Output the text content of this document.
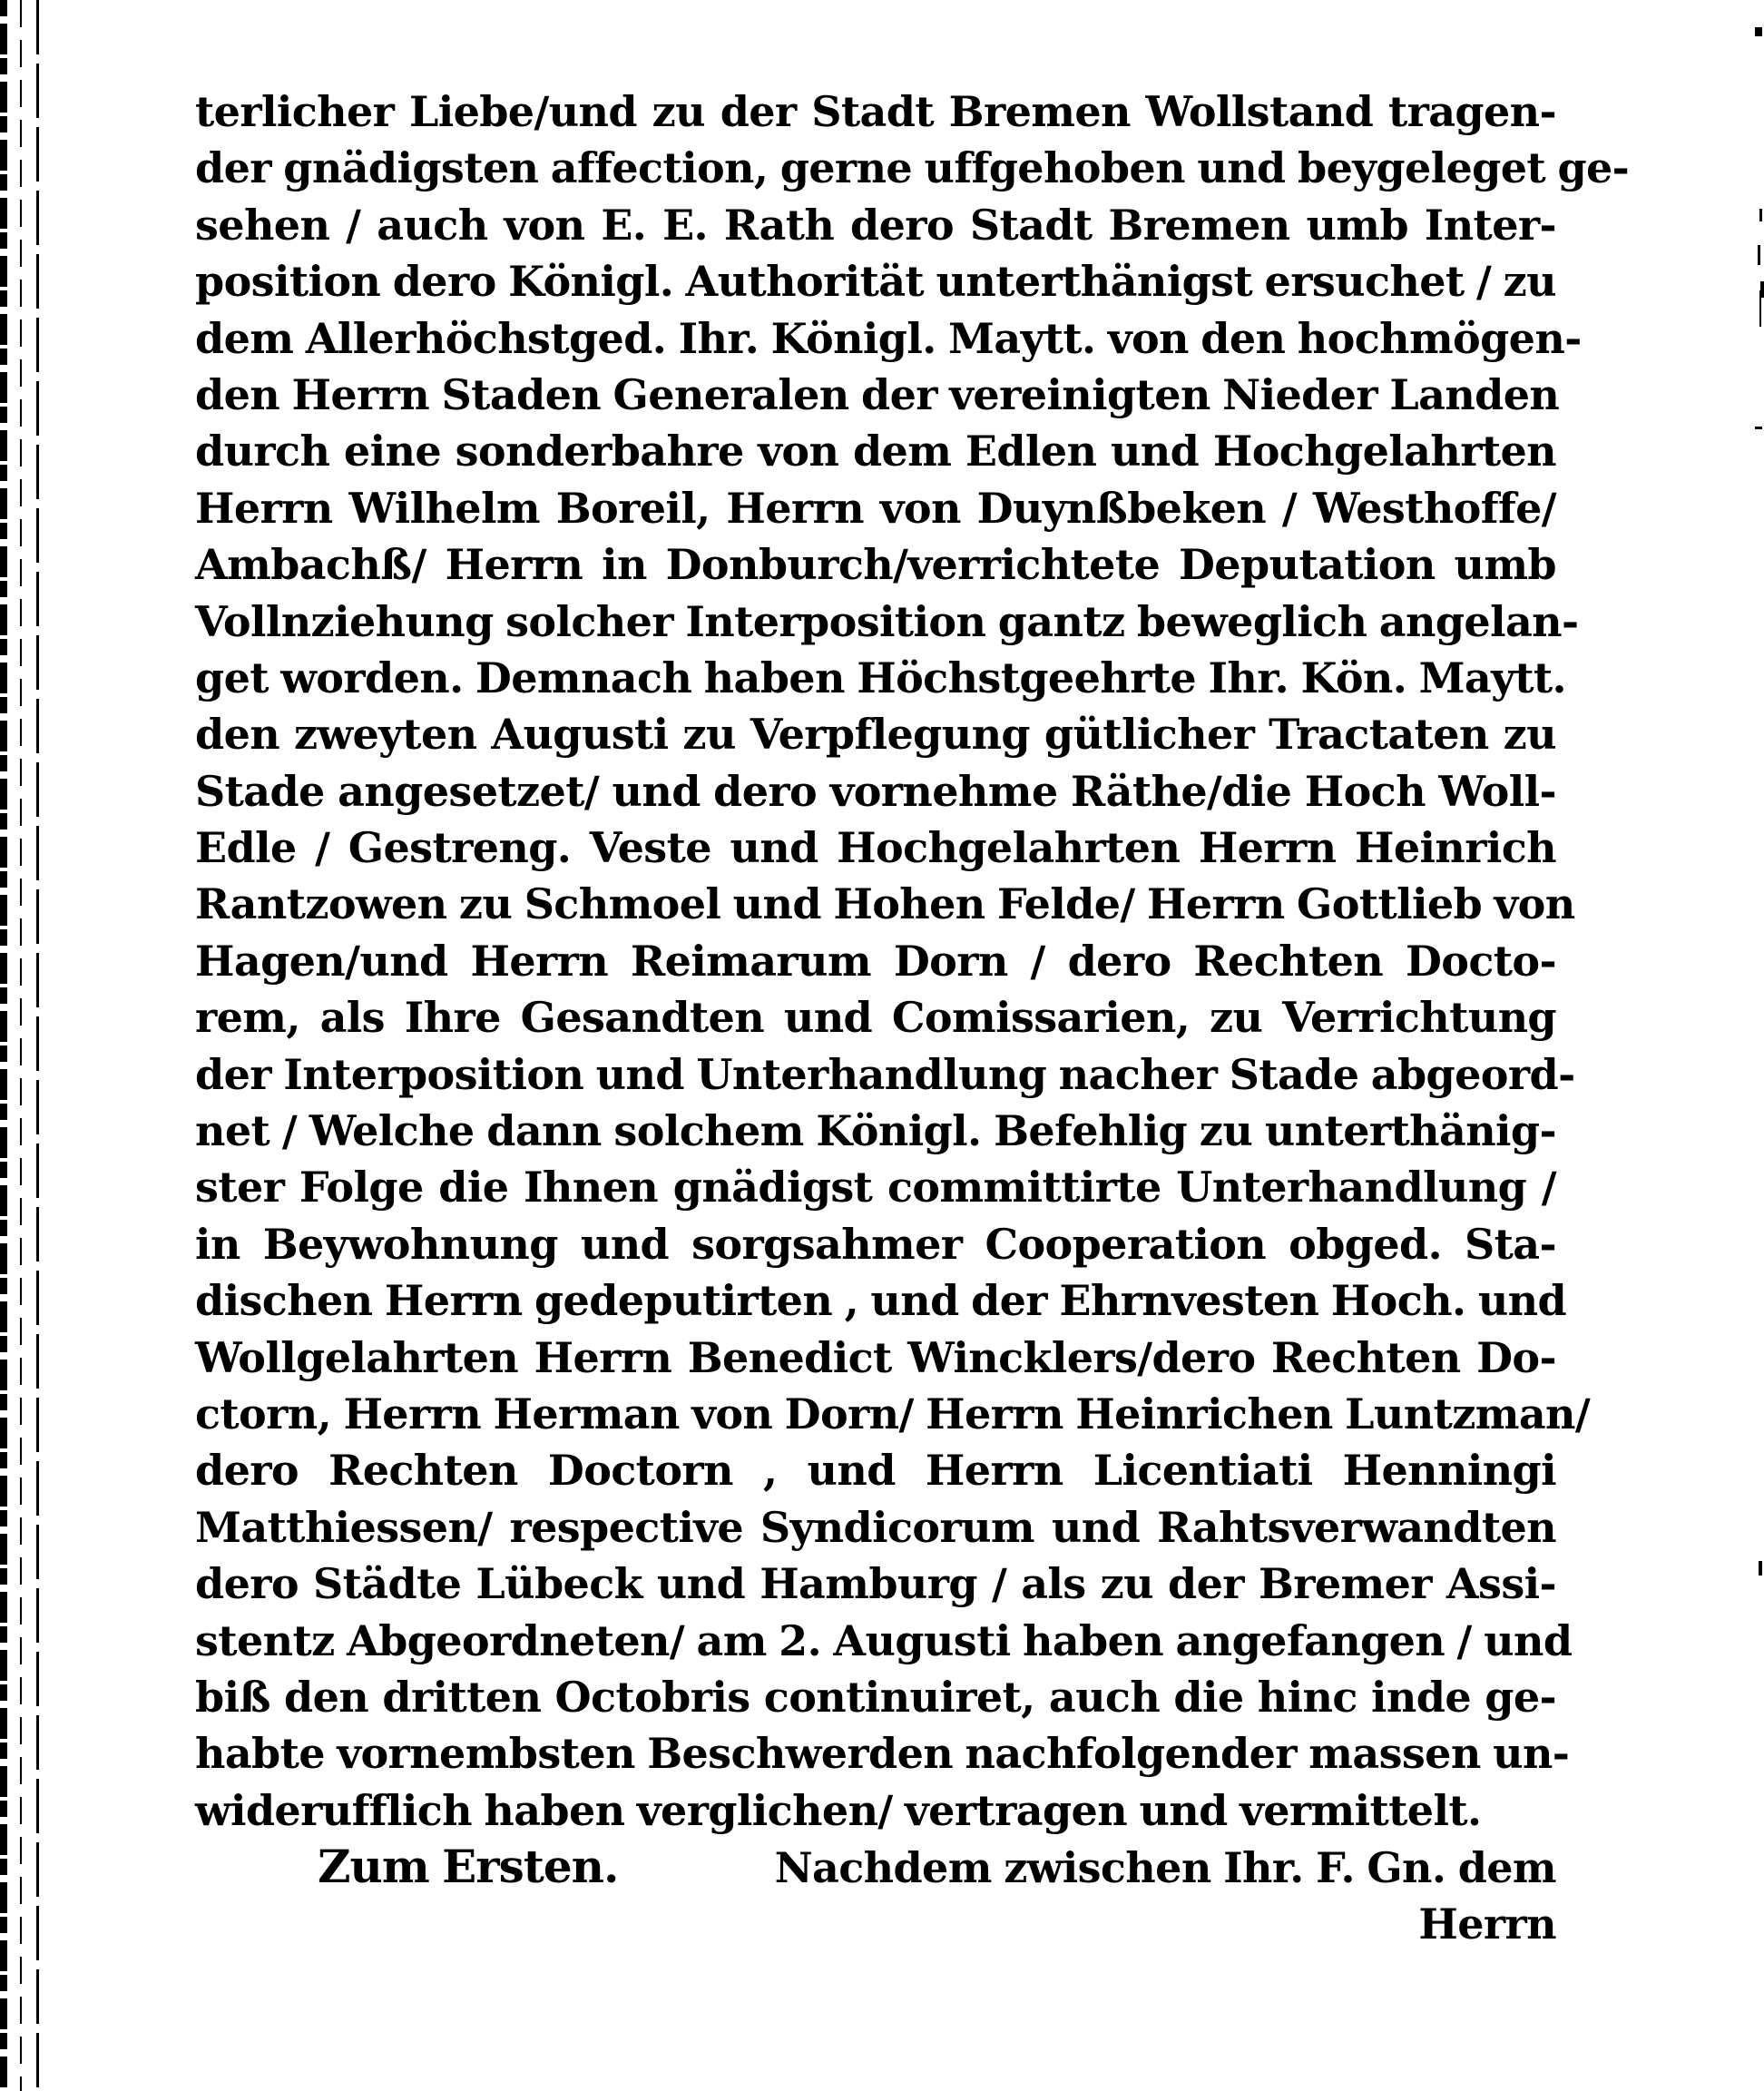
terlicher Liebe/und zu der Stadt Bremen Wollstand tragen-
der gnädigsten affection, gerne uffgehoben und beygeleget ge-
sehen / auch von E. E. Rath dero Stadt Bremen umb Inter-
position dero Königl. Authorität unterthänigst ersuchet / zu
dem Allerhöchstged. Ihr. Königl. Maytt. von den hochmögen-
den Herrn Staden Generalen der vereinigten Nieder Landen
durch eine sonderbahre von dem Edlen und Hochgelahrten
Herrn Wilhelm Boreil, Herrn von Duynßbeken / Westhoffe/
Ambachß/ Herrn in Donburch/verrichtete Deputation umb
Vollnziehung solcher Interposition gantz beweglich angelan-
get worden. Demnach haben Höchstgeehrte Ihr. Kön. Maytt.
den zweyten Augusti zu Verpflegung gütlicher Tractaten zu
Stade angesetzet/ und dero vornehme Räthe/die Hoch Woll-
Edle / Gestreng. Veste und Hochgelahrten Herrn Heinrich
Rantzowen zu Schmoel und Hohen Felde/ Herrn Gottlieb von
Hagen/und Herrn Reimarum Dorn / dero Rechten Docto-
rem, als Ihre Gesandten und Comissarien, zu Verrichtung
der Interposition und Unterhandlung nacher Stade abgeord-
net / Welche dann solchem Königl. Befehlig zu unterthänig-
ster Folge die Ihnen gnädigst committirte Unterhandlung /
in Beywohnung und sorgsahmer Cooperation obged. Sta-
dischen Herrn gedeputirten , und der Ehrnvesten Hoch. und
Wollgelahrten Herrn Benedict Wincklers/dero Rechten Do-
ctorn, Herrn Herman von Dorn/ Herrn Heinrichen Luntzman/
dero Rechten Doctorn , und Herrn Licentiati Henningi
Matthiessen/ respective Syndicorum und Rahtsverwandten
dero Städte Lübeck und Hamburg / als zu der Bremer Assi-
stentz Abgeordneten/ am 2. Augusti haben angefangen / und
biß den dritten Octobris continuiret, auch die hinc inde ge-
habte vornembsten Beschwerden nachfolgender massen un-
widerufflich haben verglichen/ vertragen und vermittelt.
Zum Ersten.	Nachdem zwischen Ihr. F. Gn. dem
Herrn
